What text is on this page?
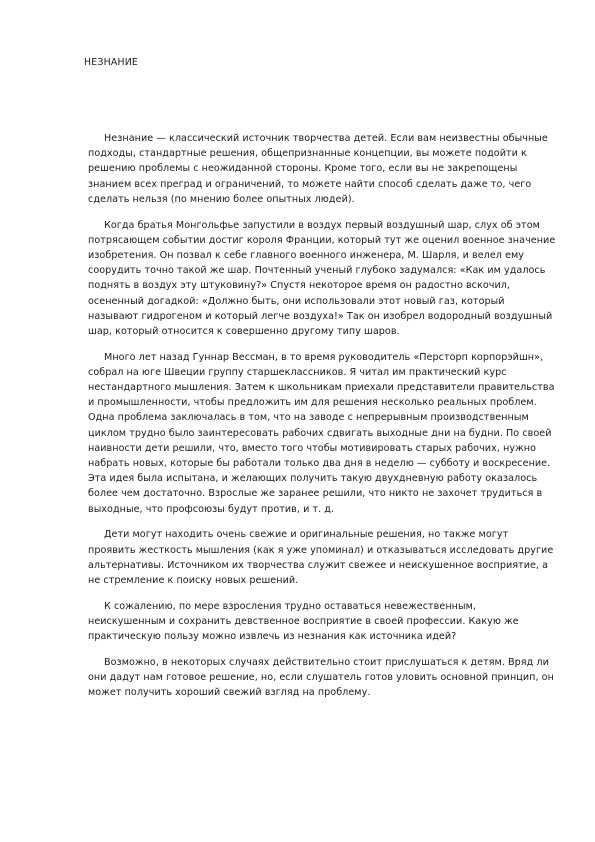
НЕЗНАНИЕ

Незнание — классический источник творчества детей. Если вам неизвестны обычные подходы, стандартные решения, общепризнанные концепции, вы можете подойти к решению проблемы с неожиданной стороны. Кроме того, если вы не закрепощены знанием всех преград и ограничений, то можете найти способ сделать даже то, чего сделать нельзя (по мнению более опытных людей).

Когда братья Монгольфье запустили в воздух первый воздушный шар, слух об этом потрясающем событии достиг короля Франции, который тут же оценил военное значение изобретения. Он позвал к себе главного военного инженера, М. Шарля, и велел ему соорудить точно такой же шар. Почтенный ученый глубоко задумался: «Как им удалось поднять в воздух эту штуковину?» Спустя некоторое время он радостно вскочил, осененный догадкой: «Должно быть, они использовали этот новый газ, который называют гидрогеном и который легче воздуха!» Так он изобрел водородный воздушный шар, который относится к совершенно другому типу шаров.

Много лет назад Гуннар Вессман, в то время руководитель «Персторп корпорэйшн», собрал на юге Швеции группу старшеклассников. Я читал им практический курс нестандартного мышления. Затем к школьникам приехали представители правительства и промышленности, чтобы предложить им для решения несколько реальных проблем. Одна проблема заключалась в том, что на заводе с непрерывным производственным циклом трудно было заинтересовать рабочих сдвигать выходные дни на будни. По своей наивности дети решили, что, вместо того чтобы мотивировать старых рабочих, нужно набрать новых, которые бы работали только два дня в неделю — субботу и воскресение. Эта идея была испытана, и желающих получить такую двухдневную работу оказалось более чем достаточно. Взрослые же заранее решили, что никто не захочет трудиться в выходные, что профсоюзы будут против, и т. д.

Дети могут находить очень свежие и оригинальные решения, но также могут проявить жесткость мышления (как я уже упоминал) и отказываться исследовать другие альтернативы. Источником их творчества служит свежее и неискушенное восприятие, а не стремление к поиску новых решений.

К сожалению, по мере взросления трудно оставаться невежественным, неискушенным и сохранить девственное восприятие в своей профессии. Какую же практическую пользу можно извлечь из незнания как источника идей?

Возможно, в некоторых случаях действительно стоит прислушаться к детям. Вряд ли они дадут нам готовое решение, но, если слушатель готов уловить основной принцип, он может получить хороший свежий взгляд на проблему.
